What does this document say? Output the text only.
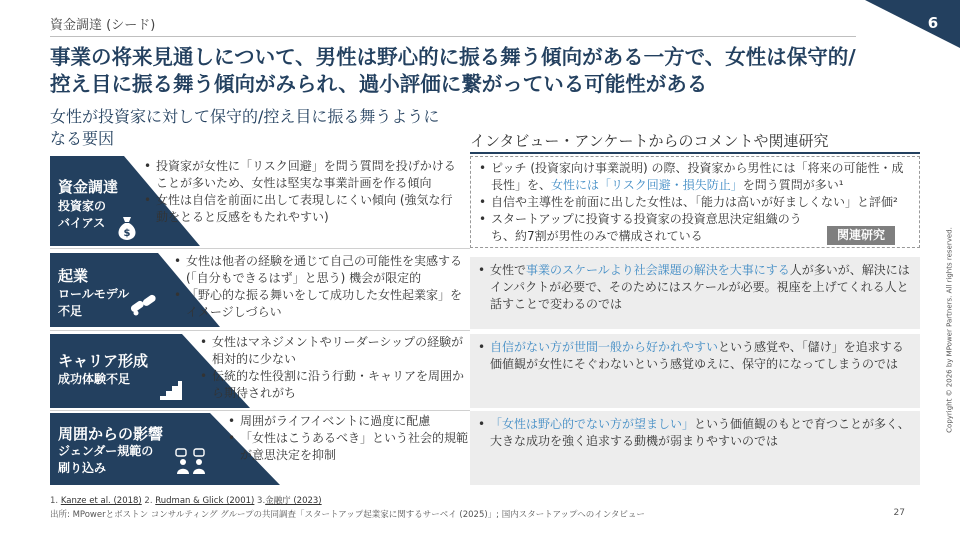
資金調達 (シード)	6
事業の将来見通しについて、男性は野心的に振る舞う傾向がある一方で、女性は保守的/
控え目に振る舞う傾向がみられ、過小評価に繋がっている可能性がある
女性が投資家に対して保守的/控え目に振る舞うように
なる要因	インタビュー・アンケートからのコメントや関連研究
資金調達
投資家の
バイアス
$
• 投資家が女性に「リスク回避」を問う質問を投げかけることが多いため、女性は堅実な事業計画を作る傾向
• 女性は自信を前面に出して表現しにくい傾向 (強気な行動をとると反感をもたれやすい)
• ピッチ (投資家向け事業説明) の際、投資家から男性には「将来の可能性・成長性」を、女性には「リスク回避・損失防止」を問う質問が多い¹
• 自信や主導性を前面に出した女性は、「能力は高いが好ましくない」と評価²
• スタートアップに投資する投資家の投資意思決定組織のうち、約7割が男性のみで構成されている	関連研究
起業
ロールモデル
不足
• 女性は他者の経験を通じて自己の可能性を実感する (「自分もできるはず」と思う) 機会が限定的
• 「野心的な振る舞いをして成功した女性起業家」をイメージしづらい
• 女性で事業のスケールより社会課題の解決を大事にする人が多いが、解決にはインパクトが必要で、そのためにはスケールが必要。視座を上げてくれる人と話すことで変わるのでは
キャリア形成
成功体験不足
• 女性はマネジメントやリーダーシップの経験が相対的に少ない
• 伝統的な性役割に沿う行動・キャリアを周囲から期待されがち
• 自信がない方が世間一般から好かれやすいという感覚や、「儲け」を追求する価値観が女性にそぐわないという感覚ゆえに、保守的になってしまうのでは
周囲からの影響
ジェンダー規範の
刷り込み
• 周囲がライフイベントに過度に配慮
• 「女性はこうあるべき」という社会的規範が意思決定を抑制
• 「女性は野心的でない方が望ましい」という価値観のもとで育つことが多く、大きな成功を強く追求する動機が弱まりやすいのでは
1. Kanze et al. (2018) 2. Rudman & Glick (2001) 3.金融庁 (2023)
出所: MPowerとボストン コンサルティング グループの共同調査「スタートアップ起業家に関するサーベイ (2025)」; 国内スタートアップへのインタビュー	27
Copyright © 2026 by MPower Partners. All rights reserved.
